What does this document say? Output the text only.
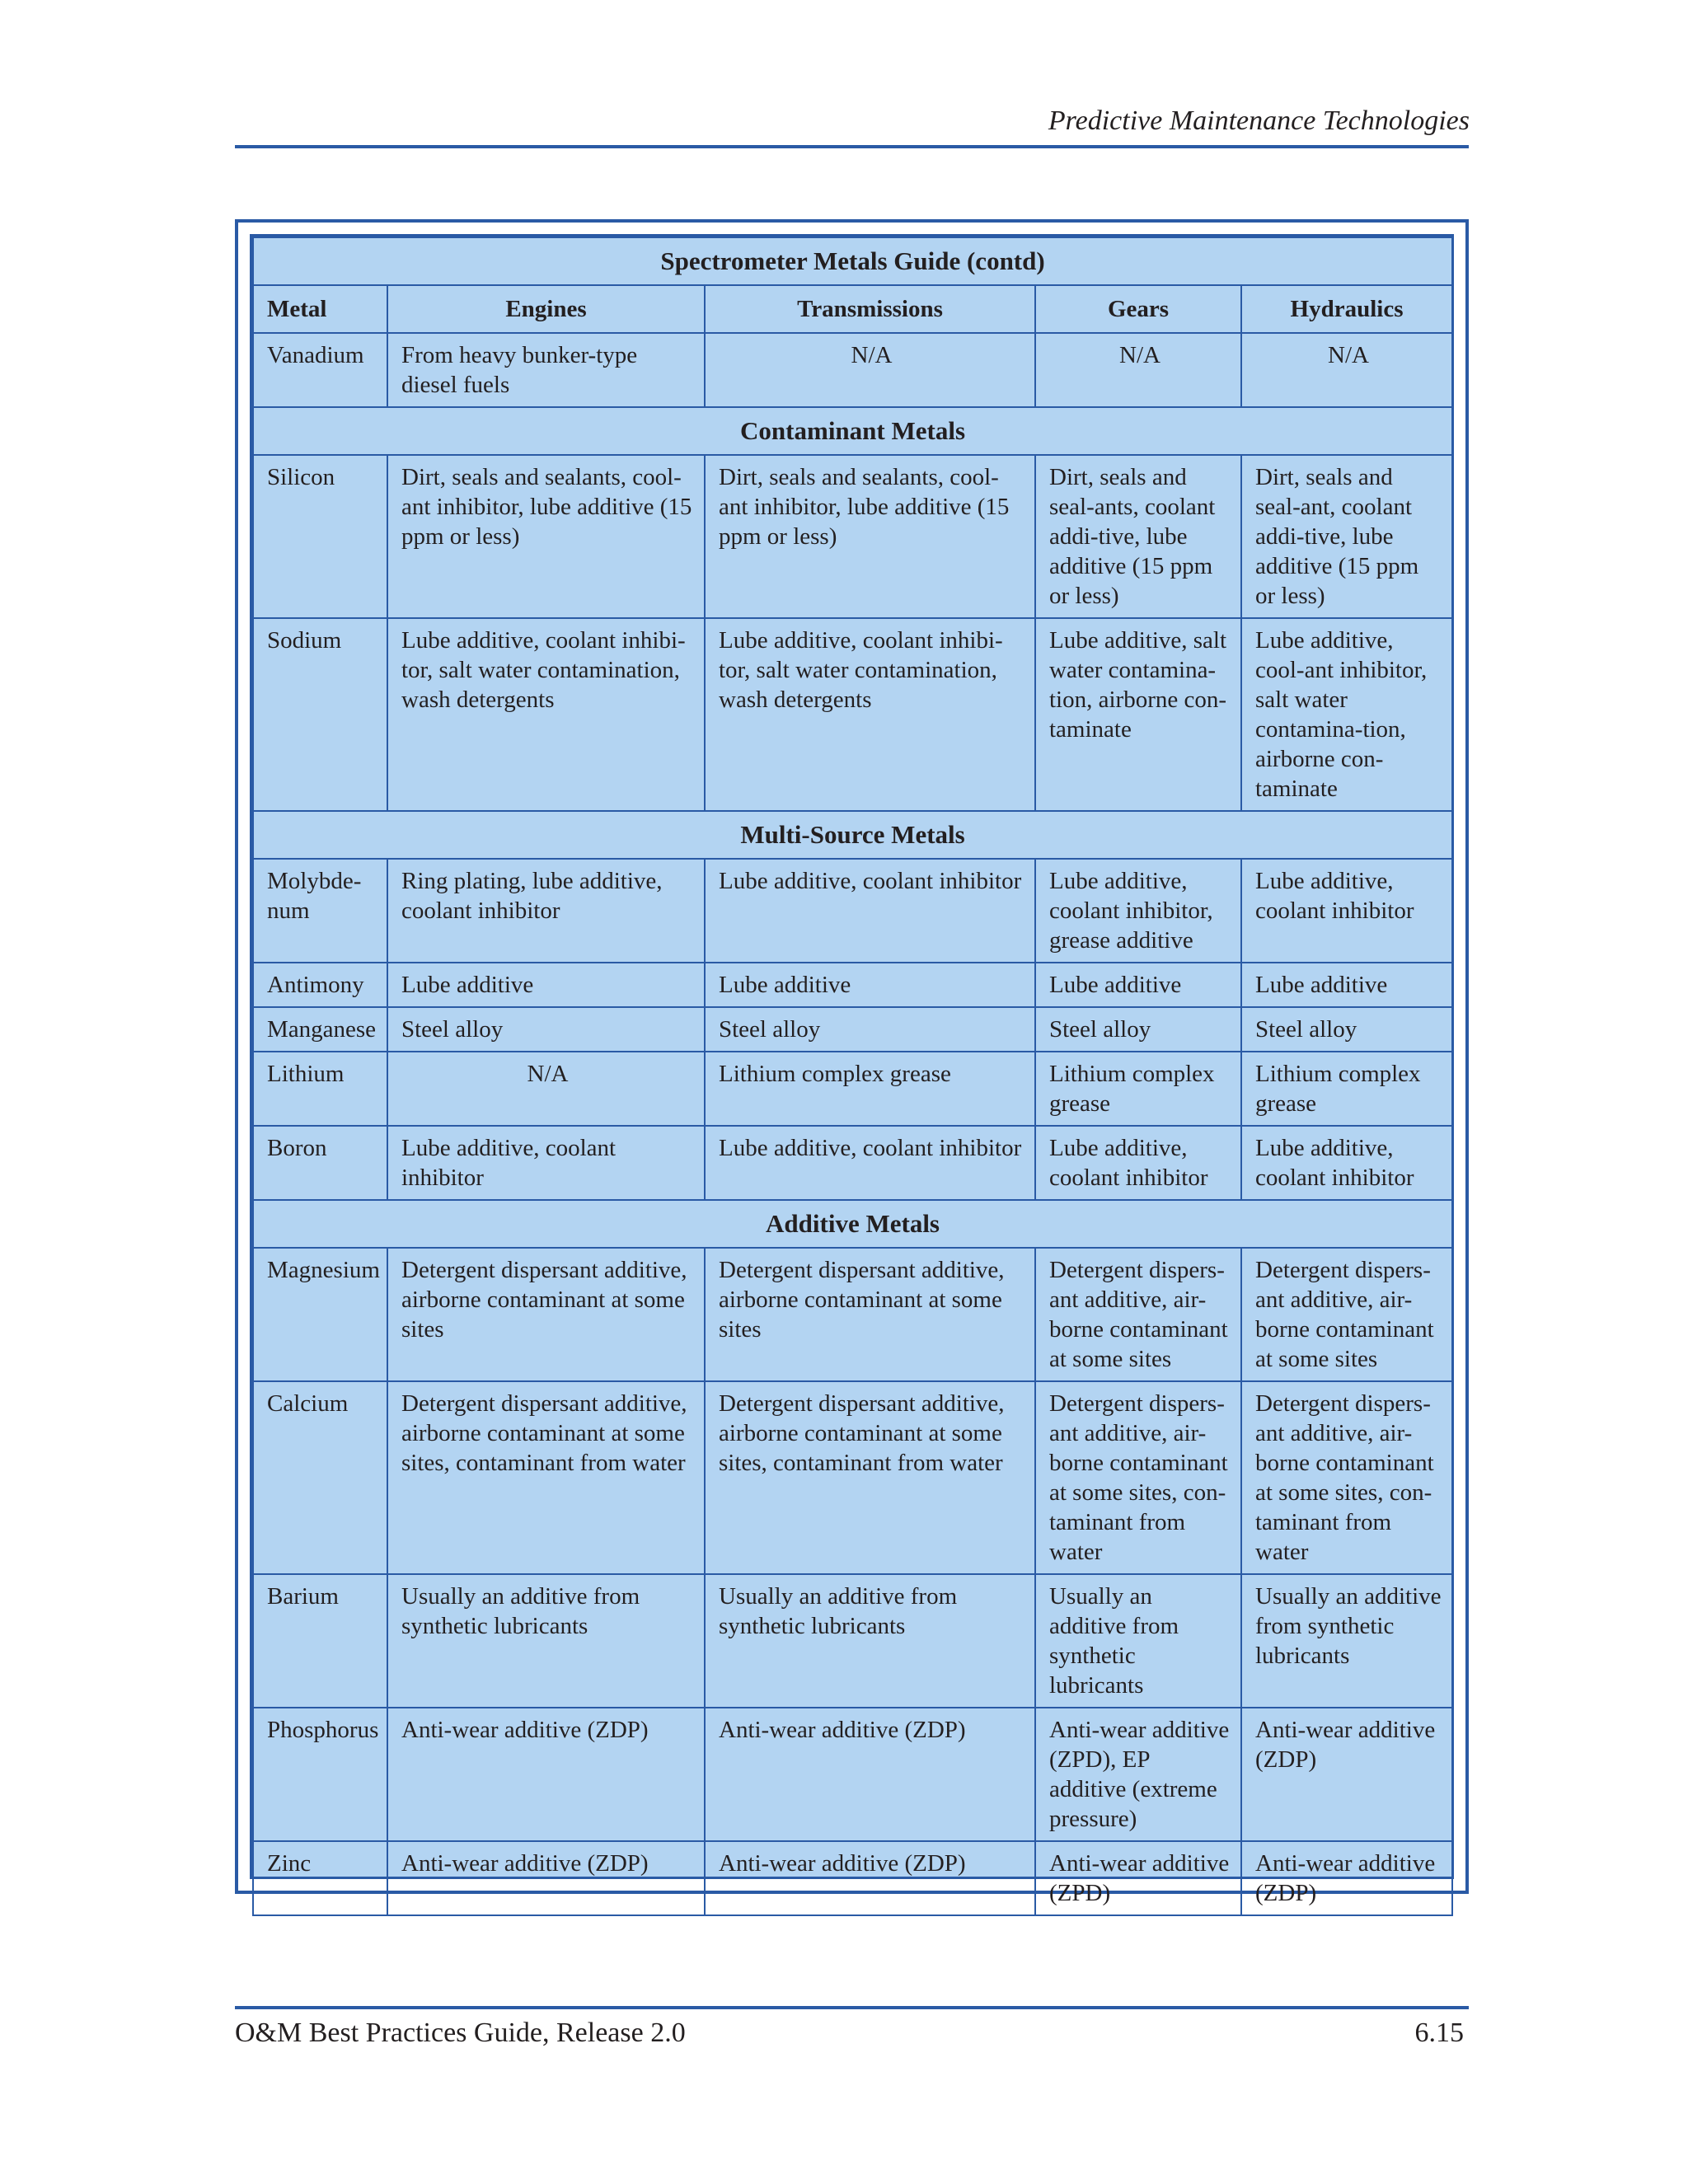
Predictive Maintenance Technologies
Spectrometer Metals Guide (contd)				
Metal	Engines	Transmissions	Gears	Hydraulics
Vanadium	From heavy bunker-type diesel fuels	N/A	N/A	N/A
Contaminant Metals				
Silicon	Dirt, seals and sealants, cool-ant inhibitor, lube additive (15 ppm or less)	Dirt, seals and sealants, cool-ant inhibitor, lube additive (15 ppm or less)	Dirt, seals and seal-ants, coolant addi-tive, lube additive (15 ppm or less)	Dirt, seals and seal-ant, coolant addi-tive, lube additive (15 ppm or less)
Sodium	Lube additive, coolant inhibi-tor, salt water contamination, wash detergents	Lube additive, coolant inhibi-tor, salt water contamination, wash detergents	Lube additive, salt water contamina-tion, airborne con-taminate	Lube additive, cool-ant inhibitor, salt water contamina-tion, airborne con-taminate
Multi-Source Metals				
Molybde-num	Ring plating, lube additive, coolant inhibitor	Lube additive, coolant inhibitor	Lube additive, coolant inhibitor, grease additive	Lube additive, coolant inhibitor
Antimony	Lube additive	Lube additive	Lube additive	Lube additive
Manganese	Steel alloy	Steel alloy	Steel alloy	Steel alloy
Lithium	N/A	Lithium complex grease	Lithium complex grease	Lithium complex grease
Boron	Lube additive, coolant inhibitor	Lube additive, coolant inhibitor	Lube additive, coolant inhibitor	Lube additive, coolant inhibitor
Additive Metals				
Magnesium	Detergent dispersant additive, airborne contaminant at some sites	Detergent dispersant additive, airborne contaminant at some sites	Detergent dispers-ant additive, air-borne contaminant at some sites	Detergent dispers-ant additive, air-borne contaminant at some sites
Calcium	Detergent dispersant additive, airborne contaminant at some sites, contaminant from water	Detergent dispersant additive, airborne contaminant at some sites, contaminant from water	Detergent dispers-ant additive, air-borne contaminant at some sites, con-taminant from water	Detergent dispers-ant additive, air-borne contaminant at some sites, con-taminant from water
Barium	Usually an additive from synthetic lubricants	Usually an additive from synthetic lubricants	Usually an additive from synthetic lubricants	Usually an additive from synthetic lubricants
Phosphorus	Anti-wear additive (ZDP)	Anti-wear additive (ZDP)	Anti-wear additive (ZPD), EP additive (extreme pressure)	Anti-wear additive (ZDP)
Zinc	Anti-wear additive (ZDP)	Anti-wear additive (ZDP)	Anti-wear additive (ZPD)	Anti-wear additive (ZDP)
O&M Best Practices Guide, Release 2.0	6.15
